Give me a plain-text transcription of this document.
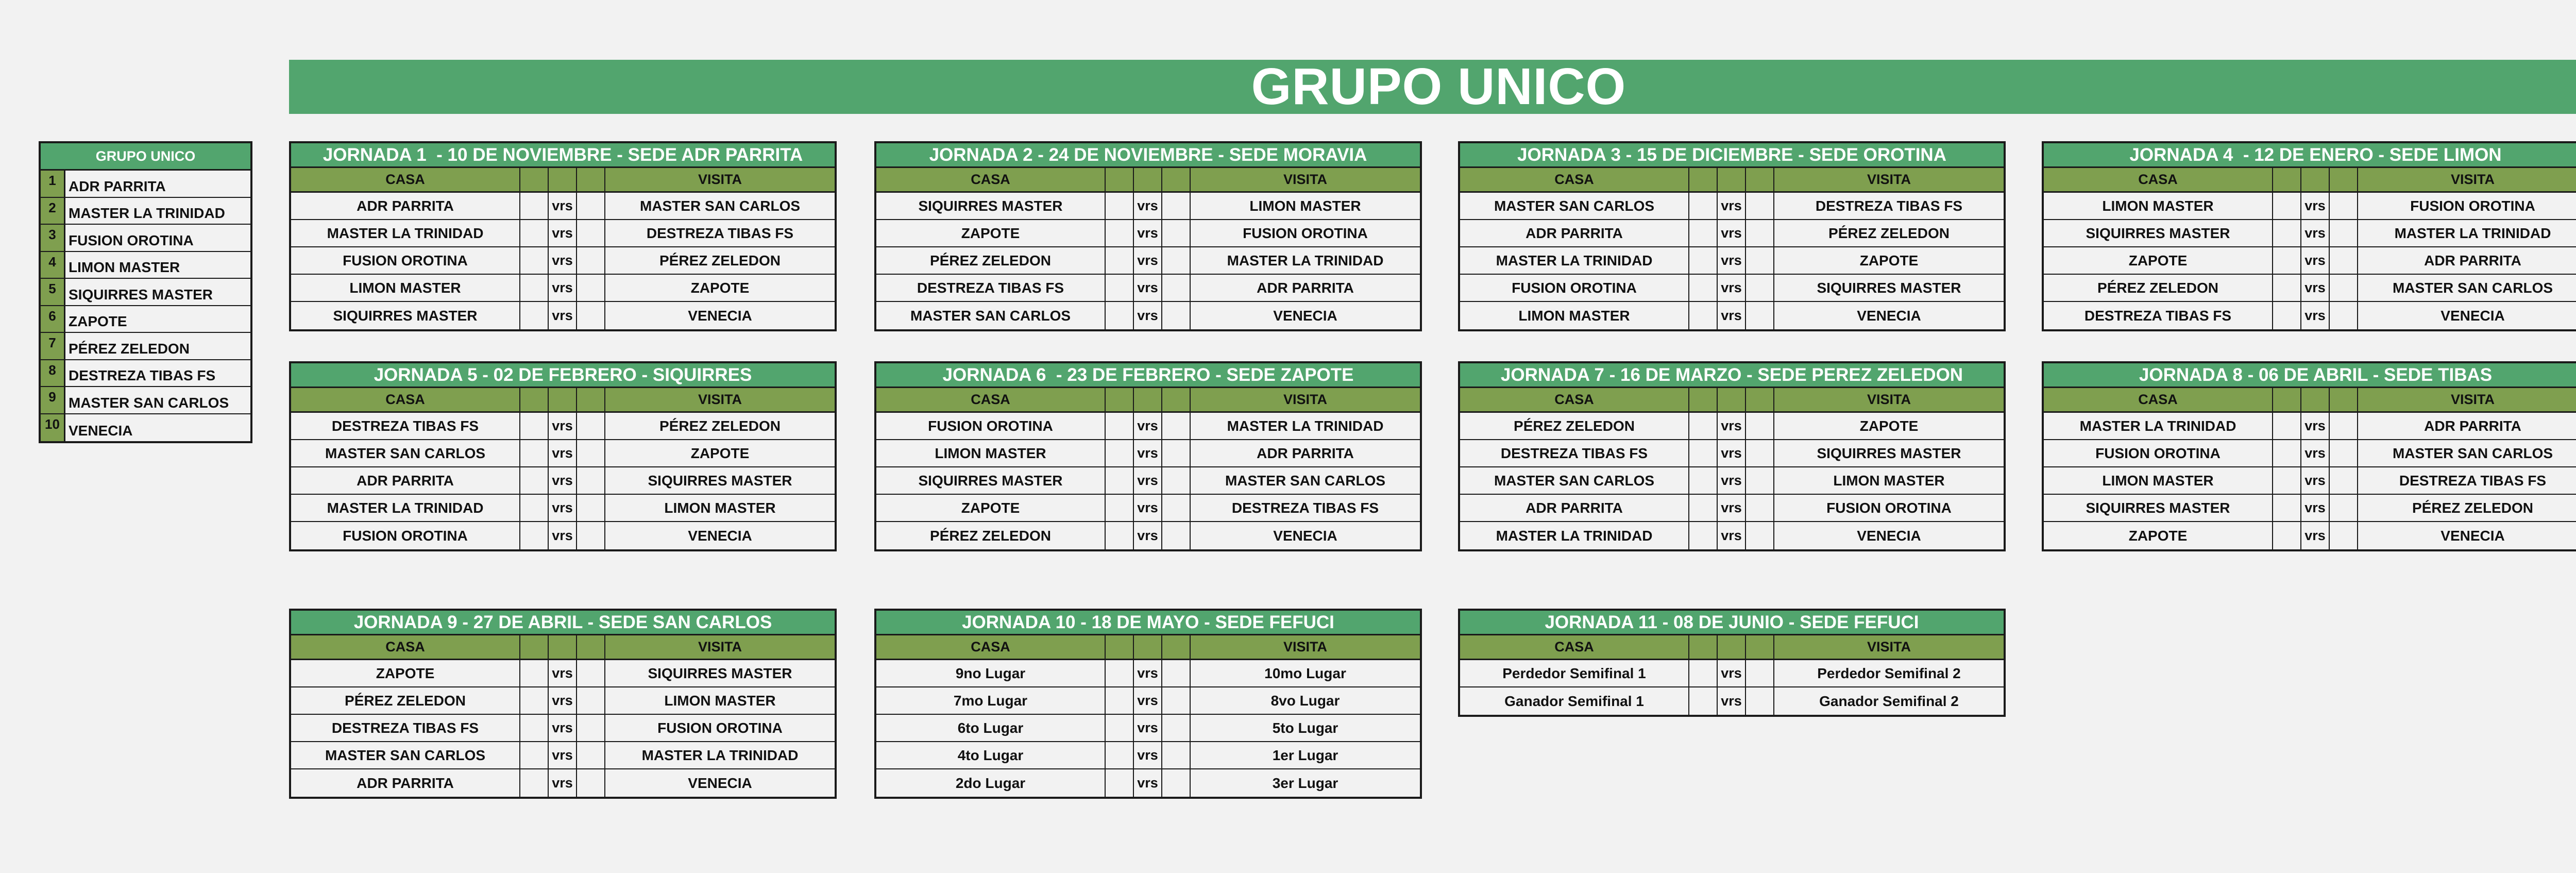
GRUPO UNICO
GRUPO UNICO
1 ADR PARRITA
2 MASTER LA TRINIDAD
3 FUSION OROTINA
4 LIMON MASTER
5 SIQUIRRES MASTER
6 ZAPOTE
7 PÉREZ ZELEDON
8 DESTREZA TIBAS FS
9 MASTER SAN CARLOS
10 VENECIA
JORNADA 1  - 10 DE NOVIEMBRE - SEDE ADR PARRITA
CASA	VISITA
ADR PARRITA	vrs	MASTER SAN CARLOS
MASTER LA TRINIDAD	vrs	DESTREZA TIBAS FS
FUSION OROTINA	vrs	PÉREZ ZELEDON
LIMON MASTER	vrs	ZAPOTE
SIQUIRRES MASTER	vrs	VENECIA
JORNADA 2 - 24 DE NOVIEMBRE - SEDE MORAVIA
CASA	VISITA
SIQUIRRES MASTER	vrs	LIMON MASTER
ZAPOTE	vrs	FUSION OROTINA
PÉREZ ZELEDON	vrs	MASTER LA TRINIDAD
DESTREZA TIBAS FS	vrs	ADR PARRITA
MASTER SAN CARLOS	vrs	VENECIA
JORNADA 3 - 15 DE DICIEMBRE - SEDE OROTINA
CASA	VISITA
MASTER SAN CARLOS	vrs	DESTREZA TIBAS FS
ADR PARRITA	vrs	PÉREZ ZELEDON
MASTER LA TRINIDAD	vrs	ZAPOTE
FUSION OROTINA	vrs	SIQUIRRES MASTER
LIMON MASTER	vrs	VENECIA
JORNADA 4  - 12 DE ENERO - SEDE LIMON
CASA	VISITA
LIMON MASTER	vrs	FUSION OROTINA
SIQUIRRES MASTER	vrs	MASTER LA TRINIDAD
ZAPOTE	vrs	ADR PARRITA
PÉREZ ZELEDON	vrs	MASTER SAN CARLOS
DESTREZA TIBAS FS	vrs	VENECIA
JORNADA 5 - 02 DE FEBRERO - SIQUIRRES
CASA	VISITA
DESTREZA TIBAS FS	vrs	PÉREZ ZELEDON
MASTER SAN CARLOS	vrs	ZAPOTE
ADR PARRITA	vrs	SIQUIRRES MASTER
MASTER LA TRINIDAD	vrs	LIMON MASTER
FUSION OROTINA	vrs	VENECIA
JORNADA 6  - 23 DE FEBRERO - SEDE ZAPOTE
CASA	VISITA
FUSION OROTINA	vrs	MASTER LA TRINIDAD
LIMON MASTER	vrs	ADR PARRITA
SIQUIRRES MASTER	vrs	MASTER SAN CARLOS
ZAPOTE	vrs	DESTREZA TIBAS FS
PÉREZ ZELEDON	vrs	VENECIA
JORNADA 7 - 16 DE MARZO - SEDE PEREZ ZELEDON
CASA	VISITA
PÉREZ ZELEDON	vrs	ZAPOTE
DESTREZA TIBAS FS	vrs	SIQUIRRES MASTER
MASTER SAN CARLOS	vrs	LIMON MASTER
ADR PARRITA	vrs	FUSION OROTINA
MASTER LA TRINIDAD	vrs	VENECIA
JORNADA 8 - 06 DE ABRIL - SEDE TIBAS
CASA	VISITA
MASTER LA TRINIDAD	vrs	ADR PARRITA
FUSION OROTINA	vrs	MASTER SAN CARLOS
LIMON MASTER	vrs	DESTREZA TIBAS FS
SIQUIRRES MASTER	vrs	PÉREZ ZELEDON
ZAPOTE	vrs	VENECIA
JORNADA 9 - 27 DE ABRIL - SEDE SAN CARLOS
CASA	VISITA
ZAPOTE	vrs	SIQUIRRES MASTER
PÉREZ ZELEDON	vrs	LIMON MASTER
DESTREZA TIBAS FS	vrs	FUSION OROTINA
MASTER SAN CARLOS	vrs	MASTER LA TRINIDAD
ADR PARRITA	vrs	VENECIA
JORNADA 10 - 18 DE MAYO - SEDE FEFUCI
CASA	VISITA
9no Lugar	vrs	10mo Lugar
7mo Lugar	vrs	8vo Lugar
6to Lugar	vrs	5to Lugar
4to Lugar	vrs	1er Lugar
2do Lugar	vrs	3er Lugar
JORNADA 11 - 08 DE JUNIO - SEDE FEFUCI
CASA	VISITA
Perdedor Semifinal 1	vrs	Perdedor Semifinal 2
Ganador Semifinal 1	vrs	Ganador Semifinal 2
